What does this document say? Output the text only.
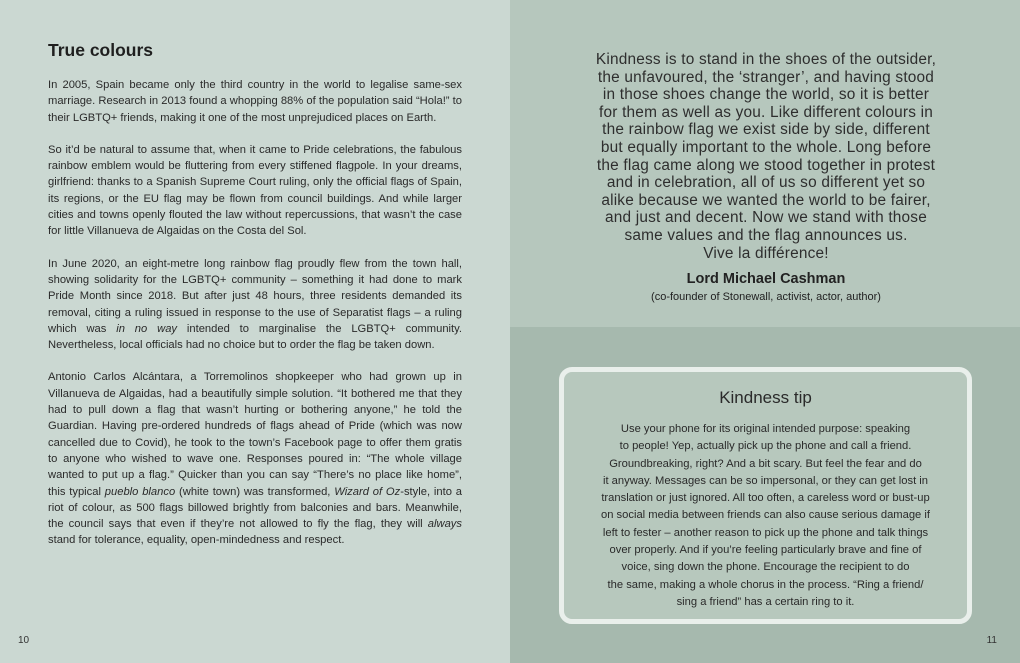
True colours

In 2005, Spain became only the third country in the world to legalise same-sex marriage. Research in 2013 found a whopping 88% of the population said “Hola!” to their LGBTQ+ friends, making it one of the most unprejudiced places on Earth.

So it’d be natural to assume that, when it came to Pride celebrations, the fabulous rainbow emblem would be fluttering from every stiffened flagpole. In your dreams, girlfriend: thanks to a Spanish Supreme Court ruling, only the official flags of Spain, its regions, or the EU flag may be flown from council buildings. And while larger cities and towns openly flouted the law without repercussions, that wasn’t the case for little Villanueva de Algaidas on the Costa del Sol.

In June 2020, an eight-metre long rainbow flag proudly flew from the town hall, showing solidarity for the LGBTQ+ community – something it had done to mark Pride Month since 2018. But after just 48 hours, three residents demanded its removal, citing a ruling issued in response to the use of Separatist flags – a ruling which was in no way intended to marginalise the LGBTQ+ community. Nevertheless, local officials had no choice but to order the flag be taken down.

Antonio Carlos Alcántara, a Torremolinos shopkeeper who had grown up in Villanueva de Algaidas, had a beautifully simple solution. “It bothered me that they had to pull down a flag that wasn’t hurting or bothering anyone,” he told the Guardian. Having pre-ordered hundreds of flags ahead of Pride (which was now cancelled due to Covid), he took to the town’s Facebook page to offer them gratis to anyone who wished to wave one. Responses poured in: “The whole village wanted to put up a flag.” Quicker than you can say “There’s no place like home”, this typical pueblo blanco (white town) was transformed, Wizard of Oz-style, into a riot of colour, as 500 flags billowed brightly from balconies and bars. Meanwhile, the council says that even if they’re not allowed to fly the flag, they will always stand for tolerance, equality, open-mindedness and respect.

10
Kindness is to stand in the shoes of the outsider,
the unfavoured, the ‘stranger’, and having stood
in those shoes change the world, so it is better
for them as well as you. Like different colours in
the rainbow flag we exist side by side, different
but equally important to the whole. Long before
the flag came along we stood together in protest
and in celebration, all of us so different yet so
alike because we wanted the world to be fairer,
and just and decent. Now we stand with those
same values and the flag announces us.
Vive la différence!
Lord Michael Cashman
(co-founder of Stonewall, activist, actor, author)
Kindness tip
Use your phone for its original intended purpose: speaking
to people! Yep, actually pick up the phone and call a friend.
Groundbreaking, right? And a bit scary. But feel the fear and do
it anyway. Messages can be so impersonal, or they can get lost in
translation or just ignored. All too often, a careless word or bust-up
on social media between friends can also cause serious damage if
left to fester – another reason to pick up the phone and talk things
over properly. And if you’re feeling particularly brave and fine of
voice, sing down the phone. Encourage the recipient to do
the same, making a whole chorus in the process. “Ring a friend/
sing a friend” has a certain ring to it.
11
